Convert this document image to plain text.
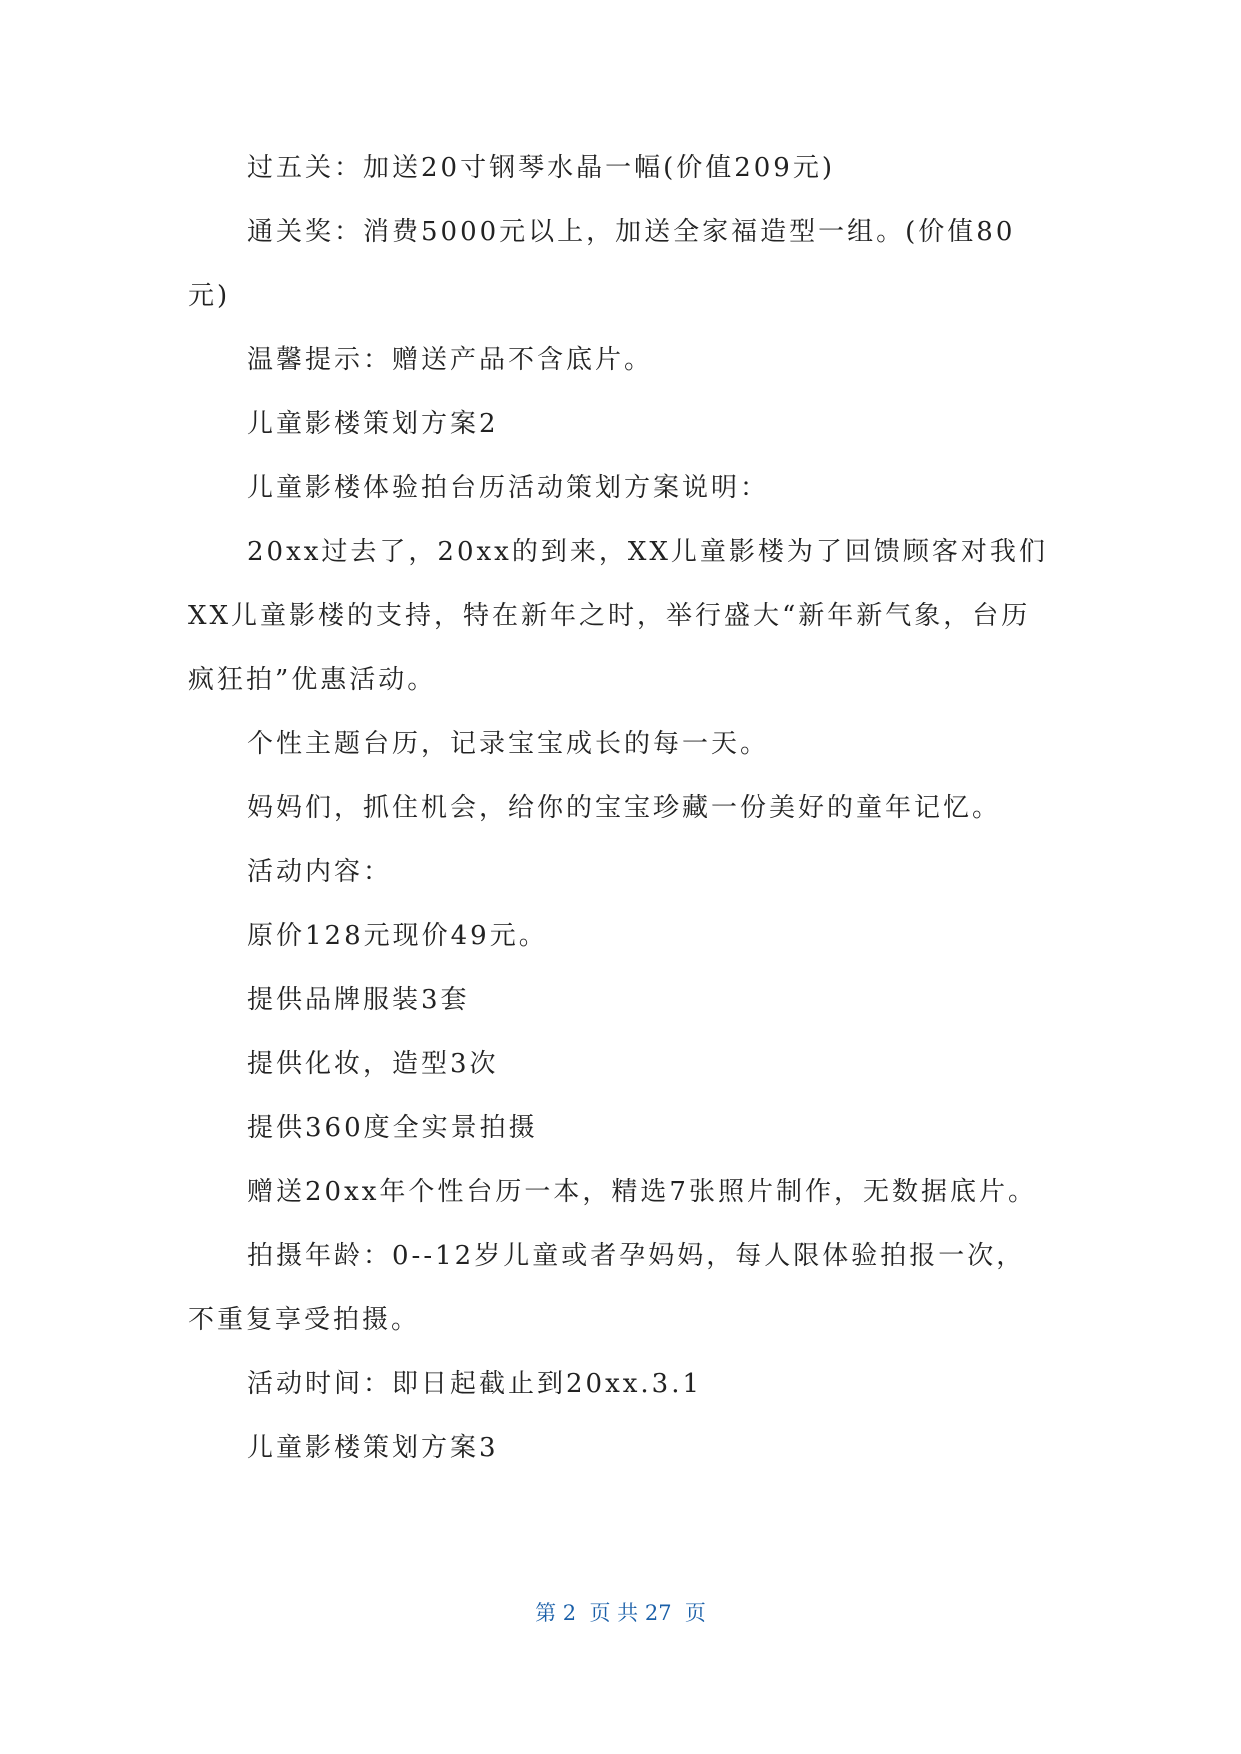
过五关：加送20寸钢琴水晶一幅(价值209元)
通关奖：消费5000元以上，加送全家福造型一组。(价值80
元)
温馨提示：赠送产品不含底片。
儿童影楼策划方案2
儿童影楼体验拍台历活动策划方案说明：
20xx过去了，20xx的到来，XX儿童影楼为了回馈顾客对我们
XX儿童影楼的支持，特在新年之时，举行盛大“新年新气象，台历
疯狂拍”优惠活动。
个性主题台历，记录宝宝成长的每一天。
妈妈们，抓住机会，给你的宝宝珍藏一份美好的童年记忆。
活动内容：
原价128元现价49元。
提供品牌服装3套
提供化妆，造型3次
提供360度全实景拍摄
赠送20xx年个性台历一本，精选7张照片制作，无数据底片。
拍摄年龄：0--12岁儿童或者孕妈妈，每人限体验拍报一次，
不重复享受拍摄。
活动时间：即日起截止到20xx.3.1
儿童影楼策划方案3
第 2  页 共 27  页
